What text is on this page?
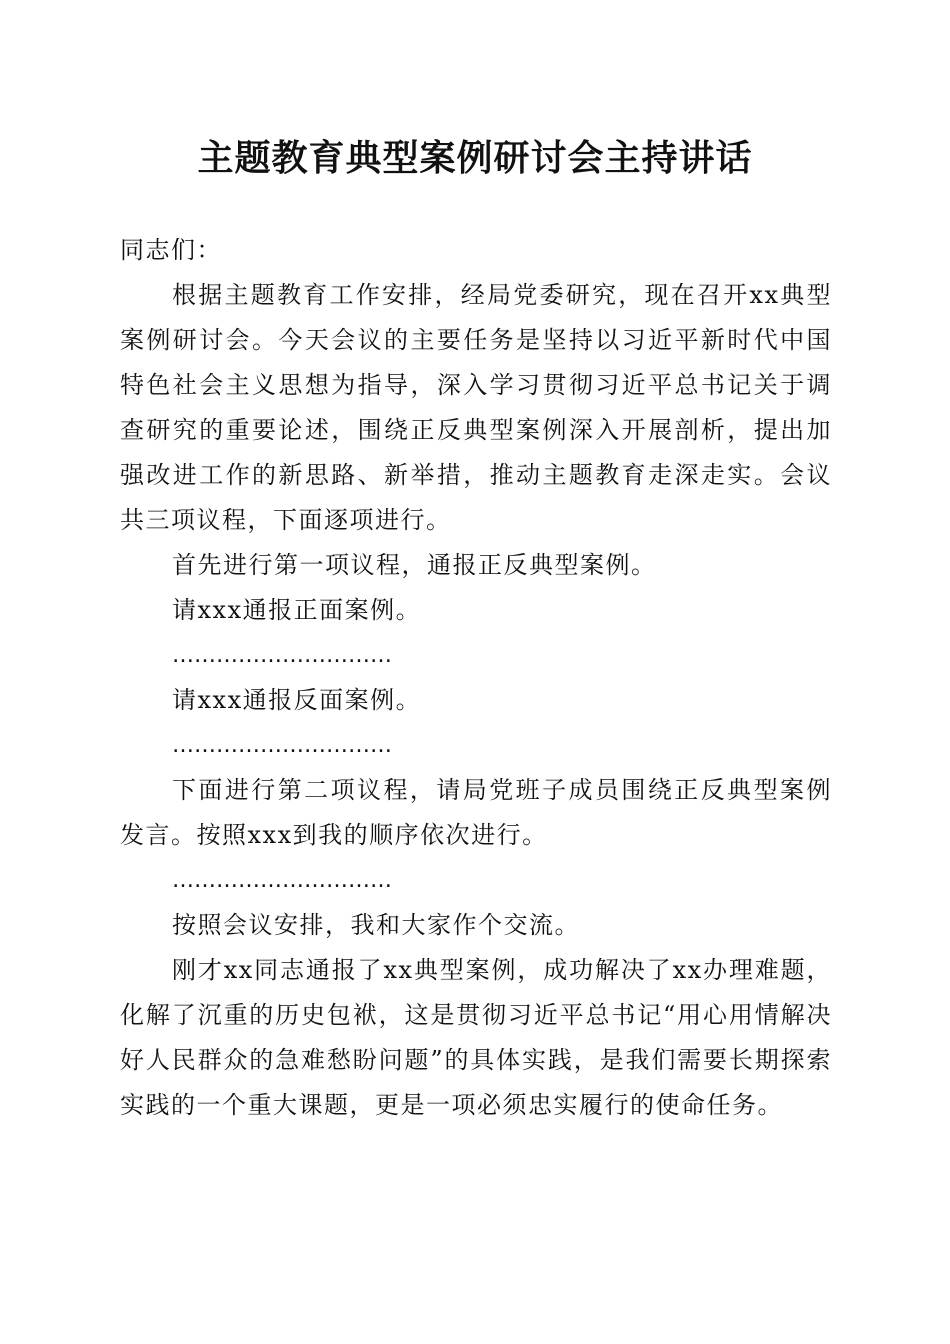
主题教育典型案例研讨会主持讲话

同志们：

根据主题教育工作安排，经局党委研究，现在召开xx典型案例研讨会。今天会议的主要任务是坚持以习近平新时代中国特色社会主义思想为指导，深入学习贯彻习近平总书记关于调查研究的重要论述，围绕正反典型案例深入开展剖析，提出加强改进工作的新思路、新举措，推动主题教育走深走实。会议共三项议程，下面逐项进行。

首先进行第一项议程，通报正反典型案例。

请xxx通报正面案例。

…………………………

请xxx通报反面案例。

…………………………

下面进行第二项议程，请局党班子成员围绕正反典型案例发言。按照xxx到我的顺序依次进行。

…………………………

按照会议安排，我和大家作个交流。

刚才xx同志通报了xx典型案例，成功解决了xx办理难题，化解了沉重的历史包袱，这是贯彻习近平总书记“用心用情解决好人民群众的急难愁盼问题”的具体实践，是我们需要长期探索实践的一个重大课题，更是一项必须忠实履行的使命任务。
